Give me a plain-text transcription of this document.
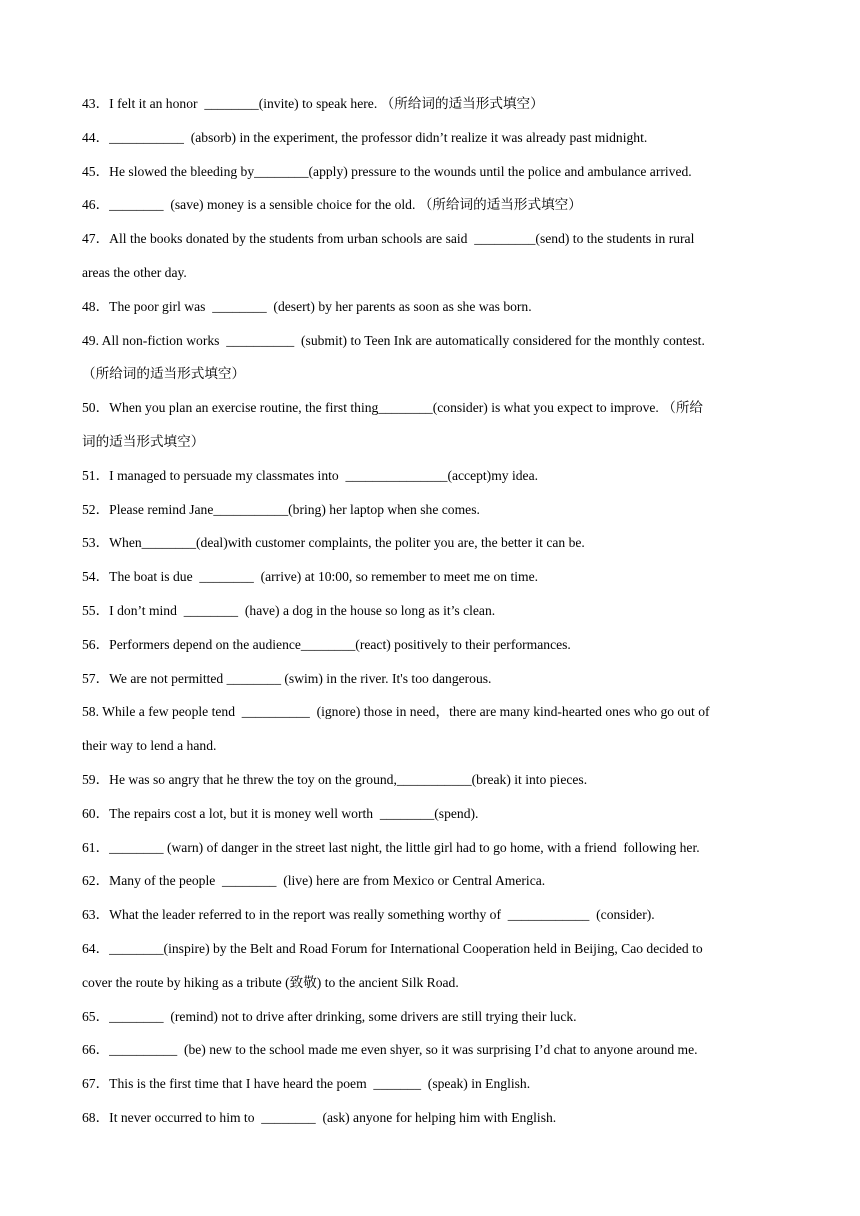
43．I felt it an honor  ________(invite) to speak here. （所给词的适当形式填空）
44．___________  (absorb) in the experiment, the professor didn’t realize it was already past midnight.
45．He slowed the bleeding by________(apply) pressure to the wounds until the police and ambulance arrived.
46．________  (save) money is a sensible choice for the old. （所给词的适当形式填空）
47．All the books donated by the students from urban schools are said  _________(send) to the students in rural
areas the other day.
48．The poor girl was  ________  (desert) by her parents as soon as she was born.
49. All non-fiction works  __________  (submit) to Teen Ink are automatically considered for the monthly contest.
（所给词的适当形式填空）
50．When you plan an exercise routine, the first thing________(consider) is what you expect to improve. （所给
词的适当形式填空）
51．I managed to persuade my classmates into  _______________(accept)my idea.
52．Please remind Jane___________(bring) her laptop when she comes.
53．When________(deal)with customer complaints, the politer you are, the better it can be.
54．The boat is due  ________  (arrive) at 10:00, so remember to meet me on time.
55．I don’t mind  ________  (have) a dog in the house so long as it’s clean.
56．Performers depend on the audience________(react) positively to their performances.
57．We are not permitted ________ (swim) in the river. It's too dangerous.
58. While a few people tend  __________  (ignore) those in need，there are many kind-hearted ones who go out of
their way to lend a hand.
59．He was so angry that he threw the toy on the ground,___________(break) it into pieces.
60．The repairs cost a lot, but it is money well worth  ________(spend).
61．________ (warn) of danger in the street last night, the little girl had to go home, with a friend  following her.
62．Many of the people  ________  (live) here are from Mexico or Central America.
63．What the leader referred to in the report was really something worthy of  ____________  (consider).
64．________(inspire) by the Belt and Road Forum for International Cooperation held in Beijing, Cao decided to
cover the route by hiking as a tribute (致敬) to the ancient Silk Road.
65．________  (remind) not to drive after drinking, some drivers are still trying their luck.
66．__________  (be) new to the school made me even shyer, so it was surprising I’d chat to anyone around me.
67．This is the first time that I have heard the poem  _______  (speak) in English.
68．It never occurred to him to  ________  (ask) anyone for helping him with English.
